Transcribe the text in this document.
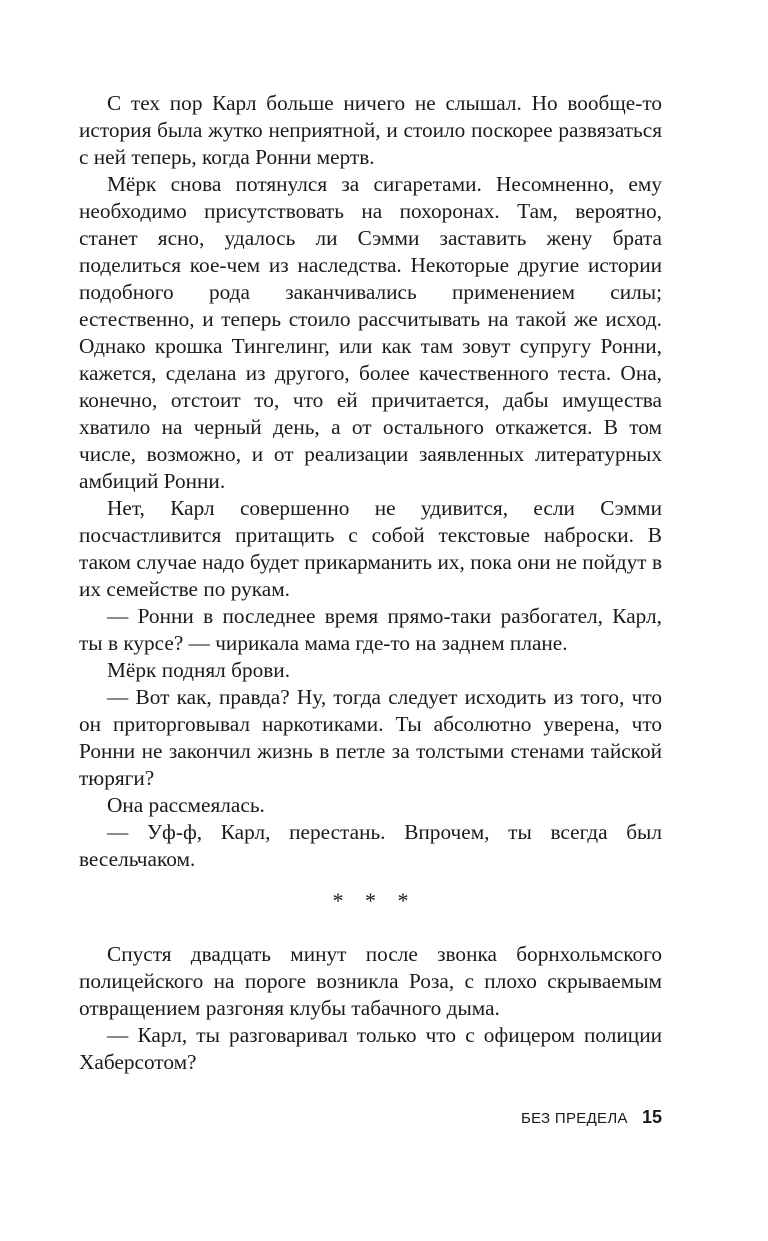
С тех пор Карл больше ничего не слышал. Но вообще-то история была жутко неприятной, и стоило поскорее развязаться с ней теперь, когда Ронни мертв.

Мёрк снова потянулся за сигаретами. Несомненно, ему необходимо присутствовать на похоронах. Там, вероятно, станет ясно, удалось ли Сэмми заставить жену брата поделиться кое-чем из наследства. Некоторые другие истории подобного рода заканчивались применением силы; естественно, и теперь стоило рассчитывать на такой же исход. Однако крошка Тингелинг, или как там зовут супругу Ронни, кажется, сделана из другого, более качественного теста. Она, конечно, отстоит то, что ей причитается, дабы имущества хватило на черный день, а от остального откажется. В том числе, возможно, и от реализации заявленных литературных амбиций Ронни.

Нет, Карл совершенно не удивится, если Сэмми посчастливится притащить с собой текстовые наброски. В таком случае надо будет прикарманить их, пока они не пойдут в их семействе по рукам.

— Ронни в последнее время прямо-таки разбогател, Карл, ты в курсе? — чирикала мама где-то на заднем плане.

Мёрк поднял брови.

— Вот как, правда? Ну, тогда следует исходить из того, что он приторговывал наркотиками. Ты абсолютно уверена, что Ронни не закончил жизнь в петле за толстыми стенами тайской тюряги?

Она рассмеялась.

— Уф-ф, Карл, перестань. Впрочем, ты всегда был весельчаком.

* * *

Спустя двадцать минут после звонка борнхольмского полицейского на пороге возникла Роза, с плохо скрываемым отвращением разгоняя клубы табачного дыма.

— Карл, ты разговаривал только что с офицером полиции Хаберсотом?

БЕЗ ПРЕДЕЛА 15
